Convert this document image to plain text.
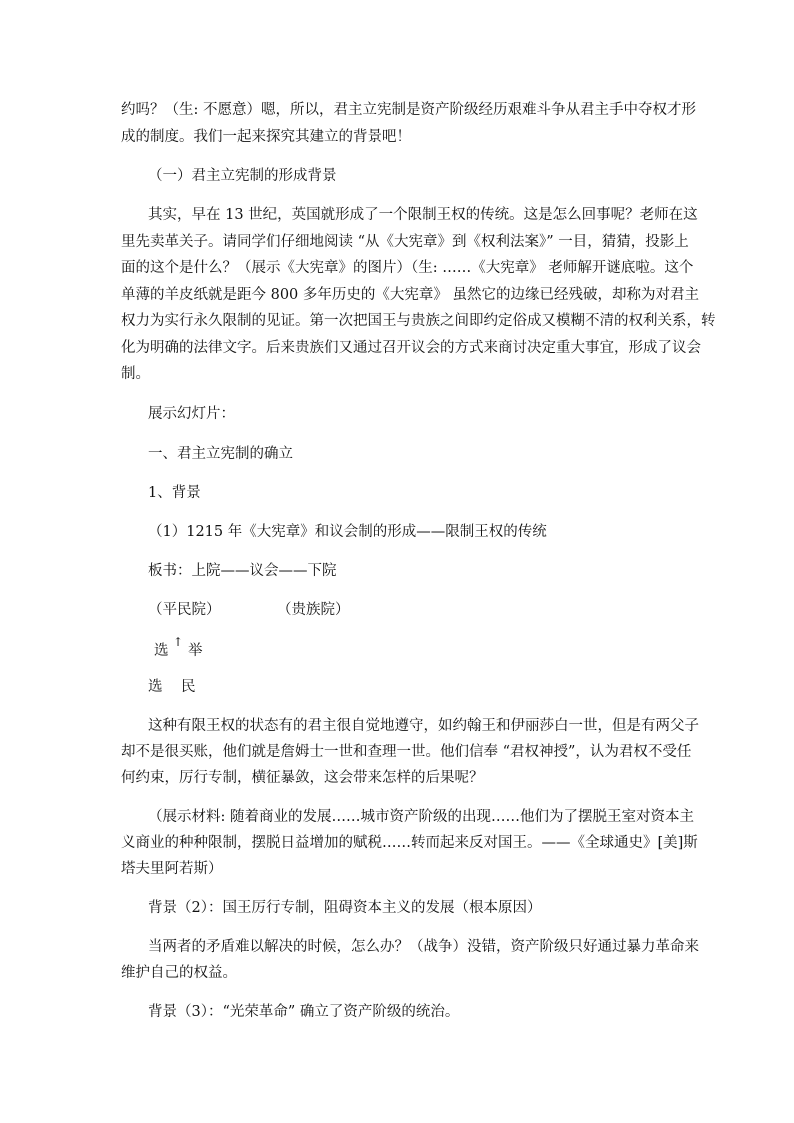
约吗？（生: 不愿意）嗯，所以，君主立宪制是资产阶级经历艰难斗争从君主手中夺权才形
成的制度。我们一起来探究其建立的背景吧！
（一）君主立宪制的形成背景
其实，早在 13 世纪，英国就形成了一个限制王权的传统。这是怎么回事呢？老师在这
里先卖革关子。请同学们仔细地阅读 “从《大宪章》到《权利法案》” 一目，猜猜，投影上
面的这个是什么？（展示《大宪章》的图片）（生: ……《大宪章》 老师解开谜底啦。这个
单薄的羊皮纸就是距今 800 多年历史的《大宪章》 虽然它的边缘已经残破，却称为对君主
权力为实行永久限制的见证。第一次把国王与贵族之间即约定俗成又模糊不清的权利关系，转
化为明确的法律文字。后来贵族们又通过召开议会的方式来商讨决定重大事宜，形成了议会
制。
展示幻灯片：
一、君主立宪制的确立
1、背景
（1）1215 年《大宪章》和议会制的形成——限制王权的传统
板书：上院——议会——下院
（平民院）	（贵族院）
选
↑
举
选 民
这种有限王权的状态有的君主很自觉地遵守，如约翰王和伊丽莎白一世，但是有两父子
却不是很买账，他们就是詹姆士一世和查理一世。他们信奉 “君权神授”，认为君权不受任
何约束，厉行专制，横征暴敛，这会带来怎样的后果呢？
（展示材料: 随着商业的发展……城市资产阶级的出现……他们为了摆脱王室对资本主
义商业的种种限制，摆脱日益增加的赋税……转而起来反对国王。——《全球通史》[美]斯
塔夫里阿若斯）
背景（2）：国王厉行专制，阻碍资本主义的发展（根本原因）
当两者的矛盾难以解决的时候，怎么办？（战争）没错，资产阶级只好通过暴力革命来
维护自己的权益。
背景（3）：“光荣革命” 确立了资产阶级的统治。
